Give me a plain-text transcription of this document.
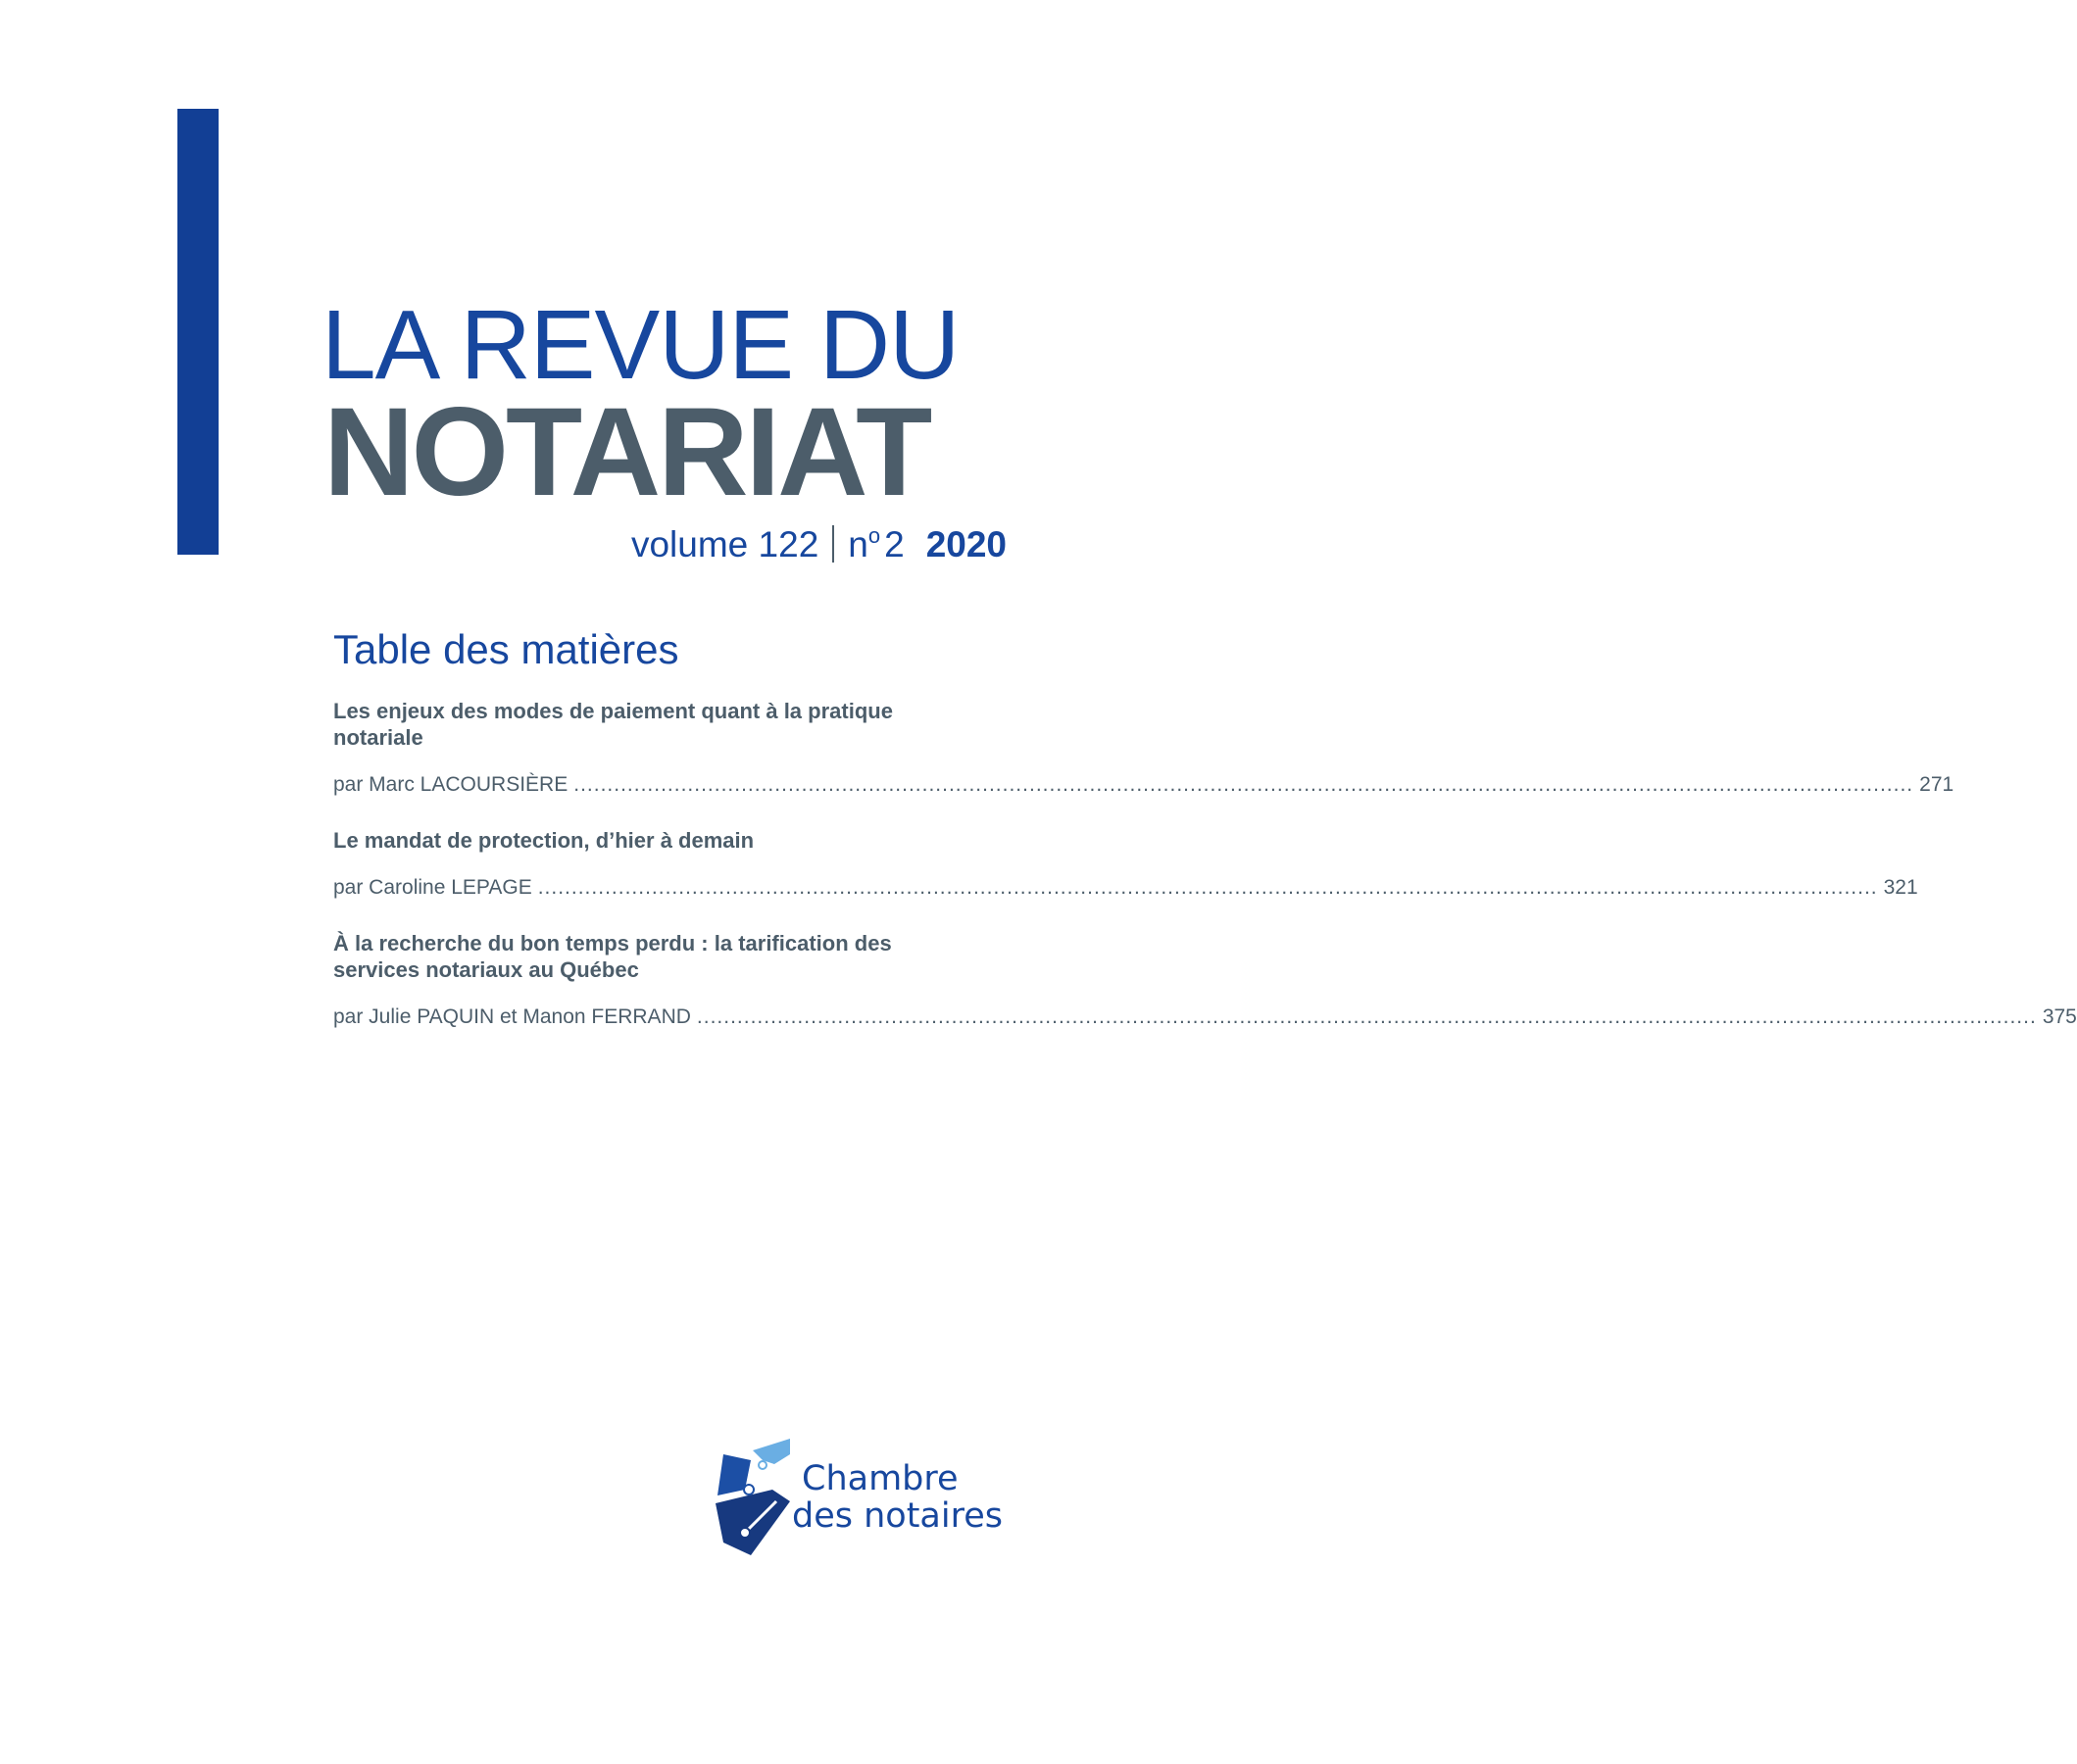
LA REVUE DU
NOTARIAT
volume 122 n o 2 2020
Table des matières
Les enjeux des modes de paiement quant à la pratique notariale
par Marc LACOURSIÈRE ........................................................................................................................................................................................................ 271
Le mandat de protection, d’hier à demain
par Caroline LEPAGE ........................................................................................................................................................................................................ 321
À la recherche du bon temps perdu : la tarification des services notariaux au Québec
par Julie PAQUIN et Manon FERRAND ........................................................................................................................................................................................................ 375
Chambre
des notaires
